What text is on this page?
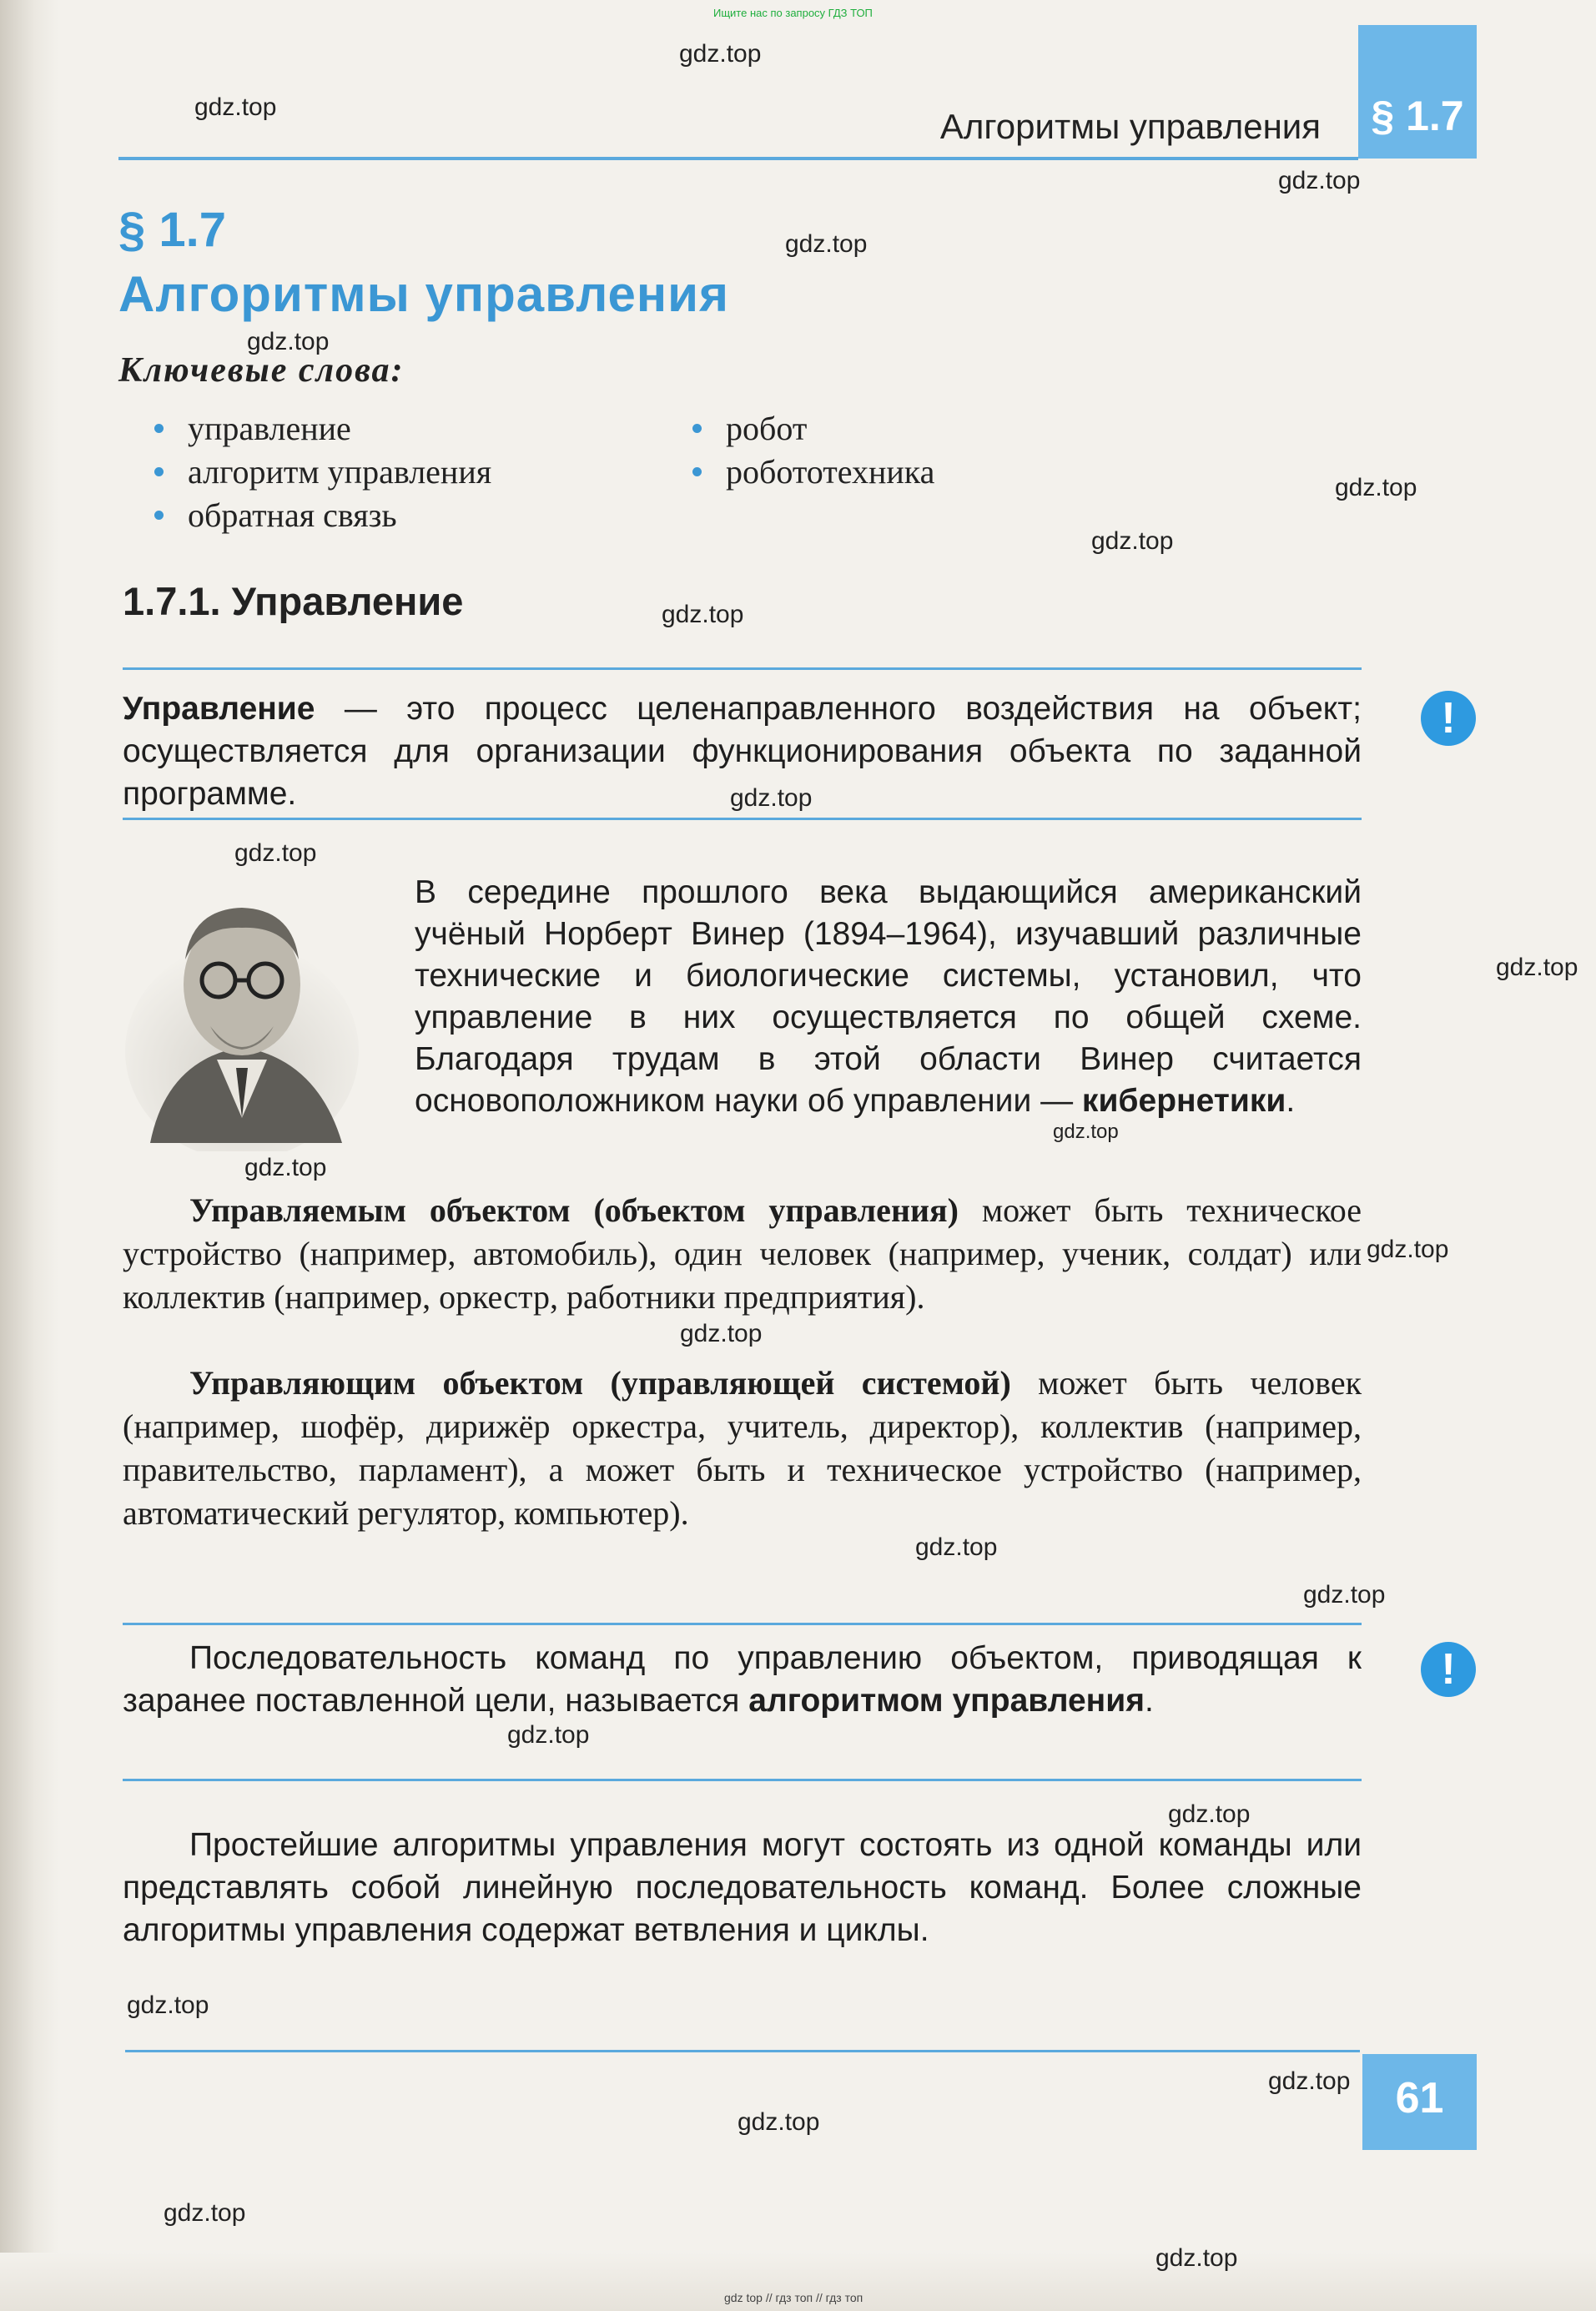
Ищите нас по запросу ГДЗ ТОП
§ 1.7
Алгоритмы управления
§ 1.7
Алгоритмы управления
Ключевые слова:
управление
алгоритм управления
обратная связь
робот
робототехника
1.7.1. Управление
Управление — это процесс целенаправленного воздействия на объект; осуществляется для организации функционирования объекта по заданной программе.
!
В середине прошлого века выдающийся американский учёный Норберт Винер (1894–1964), изучавший различные технические и биологические системы, установил, что управление в них осуществляется по общей схеме. Благодаря трудам в этой области Винер считается основоположником науки об управлении — кибернетики.
Управляемым объектом (объектом управления) может быть техническое устройство (например, автомобиль), один человек (например, ученик, солдат) или коллектив (например, оркестр, работники предприятия).
Управляющим объектом (управляющей системой) может быть человек (например, шофёр, дирижёр оркестра, учитель, директор), коллектив (например, правительство, парламент), а может быть и техническое устройство (например, автоматический регулятор, компьютер).
Последовательность команд по управлению объектом, приводящая к заранее поставленной цели, называется алгоритмом управления.
!
Простейшие алгоритмы управления могут состоять из одной команды или представлять собой линейную последовательность команд. Более сложные алгоритмы управления содержат ветвления и циклы.
61
gdz.top
gdz.top
gdz.top
gdz.top
gdz.top
gdz.top
gdz.top
gdz.top
gdz.top
gdz.top
gdz.top
gdz.top
gdz.top
gdz.top
gdz.top
gdz.top
gdz.top
gdz.top
gdz.top
gdz.top
gdz.top
gdz.top
gdz.top
gdz.top
gdz top // гдз топ // гдз топ
